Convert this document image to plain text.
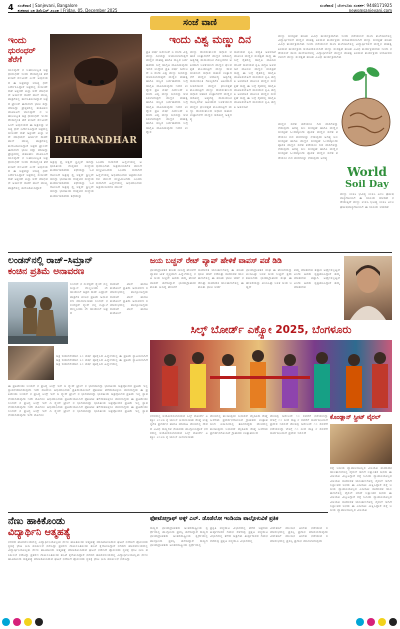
4 ಸಂಜೆವಾಣಿ | Sanjevani, Bangalore
ಶುಕ್ರವಾರ ೦೫ ಡಿಸೆಂಬರ್ ೨೦೨೫ | Friday, 05, December 2025
ಸಂಜೆವಾಣಿ | ಬೆಂಗಳೂರು ಸಂಪರ್ಕ: 9448171925
news@sanjevani.com
ಸಂಜೆ ವಾಣಿ
ಇಂದು
ಧುರಂಧರ್
ತೆರೆಗೆ
ಬಾಲಿವುಡ್ ನ ಬಹುನಿರೀಕ್ಷಿತ ಚಿತ್ರ ಧುರಂಧರ್ ಇಂದು ದೇಶಾದ್ಯಂತ ತೆರೆ ಕಂಡಿದೆ ರಣವೀರ್ ಸಿಂಗ್ ಅಭಿನಯದ ಈ ಚಿತ್ರವನ್ನು ಆದಿತ್ಯ ಧರ್ ನಿರ್ದೇಶಿಸಿದ್ದಾರೆ ಚಿತ್ರದಲ್ಲಿ ಸಂಜಯ್ ದತ್ ಅಕ್ಷಯ್ ಖನ್ನಾ ಆರ್ ಮಾಧವನ್ ಅರ್ಜುನ್ ರಾಮ್ ಪಾಲ್ ಮುಖ್ಯ ಪಾತ್ರಗಳಲ್ಲಿ ಕಾಣಿಸಿಕೊಂಡಿದ್ದಾರೆ ಚಿತ್ರದ ಟ್ರೇಲರ್ ಈಗಾಗಲೇ ಭಾರೀ ಸದ್ದು ಮಾಡಿದ್ದು ಪ್ರೇಕ್ಷಕರಲ್ಲಿ ಕುತೂಹಲ ಮೂಡಿಸಿದೆ ಬಾಲಿವುಡ್ ನ ಬಹುನಿರೀಕ್ಷಿತ ಚಿತ್ರ ಧುರಂಧರ್ ಇಂದು ದೇಶಾದ್ಯಂತ ತೆರೆ ಕಂಡಿದೆ ರಣವೀರ್ ಸಿಂಗ್ ಅಭಿನಯದ ಈ ಚಿತ್ರವನ್ನು ಆದಿತ್ಯ ಧರ್ ನಿರ್ದೇಶಿಸಿದ್ದಾರೆ ಚಿತ್ರದಲ್ಲಿ ಸಂಜಯ್ ದತ್ ಅಕ್ಷಯ್ ಖನ್ನಾ ಆರ್ ಮಾಧವನ್ ಅರ್ಜುನ್ ರಾಮ್ ಪಾಲ್ ಮುಖ್ಯ ಪಾತ್ರಗಳಲ್ಲಿ ಕಾಣಿಸಿಕೊಂಡಿದ್ದಾರೆ ಚಿತ್ರದ ಟ್ರೇಲರ್ ಈಗಾಗಲೇ ಭಾರೀ ಸದ್ದು ಮಾಡಿದ್ದು ಪ್ರೇಕ್ಷಕರಲ್ಲಿ ಕುತೂಹಲ ಮೂಡಿಸಿದೆ ಬಾಲಿವುಡ್ ನ ಬಹುನಿರೀಕ್ಷಿತ ಚಿತ್ರ ಧುರಂಧರ್ ಇಂದು ದೇಶಾದ್ಯಂತ ತೆರೆ ಕಂಡಿದೆ ರಣವೀರ್ ಸಿಂಗ್ ಅಭಿನಯದ ಈ ಚಿತ್ರವನ್ನು ಆದಿತ್ಯ ಧರ್ ನಿರ್ದೇಶಿಸಿದ್ದಾರೆ ಚಿತ್ರದಲ್ಲಿ ಸಂಜಯ್ ದತ್ ಅಕ್ಷಯ್ ಖನ್ನಾ ಆರ್ ಮಾಧವನ್ ಅರ್ಜುನ್ ರಾಮ್ ಪಾಲ್ ಮುಖ್ಯ ಪಾತ್ರಗಳಲ್ಲಿ ಕಾಣಿಸಿಕೊಂಡಿದ್ದಾರೆ
DHURANDHAR
ಚಿತ್ರವು ಸ್ಪೈ ಆಕ್ಷನ್ ಥ್ರಿಲ್ಲರ್ ಆಗಿದ್ದು ಭಾರತೀಯ ಗುಪ್ತಚರ ಸಂಸ್ಥೆಯ ಕಾರ್ಯಾಚರಣೆಯ ಕಥೆಯನ್ನು ಒಳಗೊಂಡಿದೆ ಚಿತ್ರವು ಸ್ಪೈ ಆಕ್ಷನ್ ಥ್ರಿಲ್ಲರ್ ಆಗಿದ್ದು ಭಾರತೀಯ ಗುಪ್ತಚರ ಸಂಸ್ಥೆಯ ಕಾರ್ಯಾಚರಣೆಯ ಕಥೆಯನ್ನು ಒಳಗೊಂಡಿದೆ ಚಿತ್ರವು ಸ್ಪೈ ಆಕ್ಷನ್ ಥ್ರಿಲ್ಲರ್ ಆಗಿದ್ದು ಭಾರತೀಯ ಗುಪ್ತಚರ ಸಂಸ್ಥೆಯ ಕಾರ್ಯಾಚರಣೆಯ ಕಥೆಯನ್ನು
ಸಿನಿಮಾ ಬಿಡುಗಡೆ ಹಿನ್ನೆಲೆಯಲ್ಲಿ ಅಭಿಮಾನಿಗಳು ಚಿತ್ರಮಂದಿರಗಳ ಮುಂದೆ ಸಂಭ್ರಮಿಸಿದರು ಸಿನಿಮಾ ಬಿಡುಗಡೆ ಹಿನ್ನೆಲೆಯಲ್ಲಿ ಅಭಿಮಾನಿಗಳು ಚಿತ್ರಮಂದಿರಗಳ ಮುಂದೆ ಸಂಭ್ರಮಿಸಿದರು ಸಿನಿಮಾ ಬಿಡುಗಡೆ ಹಿನ್ನೆಲೆಯಲ್ಲಿ ಅಭಿಮಾನಿಗಳು ಚಿತ್ರಮಂದಿರಗಳ ಮುಂದೆ
ಇಂದು ವಿಶ್ವ ಮಣ್ಣು ದಿನ
ಪ್ರತಿ ವರ್ಷ ಡಿಸೆಂಬರ್ ೫ ರಂದು ವಿಶ್ವ ಮಣ್ಣು ದಿನವನ್ನು ಆಚರಿಸಲಾಗುತ್ತದೆ ಮಣ್ಣಿನ ಮಹತ್ವ ಹಾಗೂ ಸುಸ್ಥಿರ ನಿರ್ವಹಣೆಯ ಬಗ್ಗೆ ಜಾಗೃತಿ ಮೂಡಿಸುವುದು ಇದರ ಉದ್ದೇಶ ಪ್ರತಿ ವರ್ಷ ಡಿಸೆಂಬರ್ ೫ ರಂದು ವಿಶ್ವ ಮಣ್ಣು ದಿನವನ್ನು ಆಚರಿಸಲಾಗುತ್ತದೆ ಮಣ್ಣಿನ ಮಹತ್ವ ಹಾಗೂ ಸುಸ್ಥಿರ ನಿರ್ವಹಣೆಯ ಬಗ್ಗೆ ಜಾಗೃತಿ ಮೂಡಿಸುವುದು ಇದರ ಉದ್ದೇಶ ಪ್ರತಿ ವರ್ಷ ಡಿಸೆಂಬರ್ ೫ ರಂದು ವಿಶ್ವ ಮಣ್ಣು ದಿನವನ್ನು ಆಚರಿಸಲಾಗುತ್ತದೆ ಮಣ್ಣಿನ ಮಹತ್ವ ಹಾಗೂ ಸುಸ್ಥಿರ ನಿರ್ವಹಣೆಯ ಬಗ್ಗೆ ಜಾಗೃತಿ ಮೂಡಿಸುವುದು ಇದರ ಉದ್ದೇಶ ಪ್ರತಿ ವರ್ಷ ಡಿಸೆಂಬರ್ ೫ ರಂದು ವಿಶ್ವ ಮಣ್ಣು ದಿನವನ್ನು ಆಚರಿಸಲಾಗುತ್ತದೆ ಮಣ್ಣಿನ ಮಹತ್ವ ಹಾಗೂ ಸುಸ್ಥಿರ ನಿರ್ವಹಣೆಯ ಬಗ್ಗೆ ಜಾಗೃತಿ ಮೂಡಿಸುವುದು ಇದರ ಉದ್ದೇಶ
ಮಣ್ಣು ಜೀವಸಂಕುಲದ ಆಧಾರ ಆಹಾರ ಉತ್ಪಾದನೆಗೆ ಮಣ್ಣಿನ ಆರೋಗ್ಯ ಅತ್ಯಗತ್ಯ ರಾಸಾಯನಿಕ ಗೊಬ್ಬರಗಳ ಅತಿಯಾದ ಬಳಕೆಯಿಂದ ಮಣ್ಣಿನ ಫಲವತ್ತತೆ ಕುಸಿಯುತ್ತಿದೆ ಮಣ್ಣು ಜೀವಸಂಕುಲದ ಆಧಾರ ಆಹಾರ ಉತ್ಪಾದನೆಗೆ ಮಣ್ಣಿನ ಆರೋಗ್ಯ ಅತ್ಯಗತ್ಯ ರಾಸಾಯನಿಕ ಗೊಬ್ಬರಗಳ ಅತಿಯಾದ ಬಳಕೆಯಿಂದ ಮಣ್ಣಿನ ಫಲವತ್ತತೆ ಕುಸಿಯುತ್ತಿದೆ ಮಣ್ಣು ಜೀವಸಂಕುಲದ ಆಧಾರ ಆಹಾರ ಉತ್ಪಾದನೆಗೆ ಮಣ್ಣಿನ ಆರೋಗ್ಯ ಅತ್ಯಗತ್ಯ ರಾಸಾಯನಿಕ ಗೊಬ್ಬರಗಳ ಅತಿಯಾದ ಬಳಕೆಯಿಂದ ಮಣ್ಣಿನ ಫಲವತ್ತತೆ ಕುಸಿಯುತ್ತಿದೆ ಮಣ್ಣು ಜೀವಸಂಕುಲದ ಆಧಾರ ಆಹಾರ ಉತ್ಪಾದನೆಗೆ ಮಣ್ಣಿನ ಆರೋಗ್ಯ ಅತ್ಯಗತ್ಯ
ಸಾವಯವ ಕೃಷಿ ಪದ್ಧತಿ ಅಳವಡಿಕೆ ಮೂಲಕ ಮಣ್ಣಿನ ಸಂರಕ್ಷಣೆ ಸಾಧ್ಯ ಈ ಬಗ್ಗೆ ರೈತರಲ್ಲಿ ಜಾಗೃತಿ ಮೂಡಿಸಬೇಕಿದೆ ಸಾವಯವ ಕೃಷಿ ಪದ್ಧತಿ ಅಳವಡಿಕೆ ಮೂಲಕ ಮಣ್ಣಿನ ಸಂರಕ್ಷಣೆ ಸಾಧ್ಯ ಈ ಬಗ್ಗೆ ರೈತರಲ್ಲಿ ಜಾಗೃತಿ ಮೂಡಿಸಬೇಕಿದೆ ಸಾವಯವ ಕೃಷಿ ಪದ್ಧತಿ ಅಳವಡಿಕೆ ಮೂಲಕ ಮಣ್ಣಿನ ಸಂರಕ್ಷಣೆ ಸಾಧ್ಯ ಈ ಬಗ್ಗೆ ರೈತರಲ್ಲಿ ಜಾಗೃತಿ ಮೂಡಿಸಬೇಕಿದೆ ಸಾವಯವ ಕೃಷಿ ಪದ್ಧತಿ ಅಳವಡಿಕೆ ಮೂಲಕ ಮಣ್ಣಿನ ಸಂರಕ್ಷಣೆ ಸಾಧ್ಯ ಈ ಬಗ್ಗೆ ರೈತರಲ್ಲಿ ಜಾಗೃತಿ ಮೂಡಿಸಬೇಕಿದೆ ಸಾವಯವ ಕೃಷಿ ಪದ್ಧತಿ ಅಳವಡಿಕೆ
ಮಣ್ಣು ಸಂರಕ್ಷಣೆ ಕುರಿತು ವಿವಿಧ ಕಾರ್ಯಕ್ರಮಗಳು ಇಂದು ನಡೆಯಲಿವೆ ಶಾಲಾ ಕಾಲೇಜುಗಳಲ್ಲಿ ವಿದ್ಯಾರ್ಥಿಗಳಿಗೆ ಮಣ್ಣಿನ ಮಹತ್ವ ತಿಳಿಸುವ ಕಾರ್ಯಕ್ರಮ ಆಯೋಜಿಸಲಾಗಿದೆ ಮಣ್ಣು ಸಂರಕ್ಷಣೆ ಕುರಿತು ವಿವಿಧ ಕಾರ್ಯಕ್ರಮಗಳು ಇಂದು ನಡೆಯಲಿವೆ ಶಾಲಾ ಕಾಲೇಜುಗಳಲ್ಲಿ ವಿದ್ಯಾರ್ಥಿಗಳಿಗೆ ಮಣ್ಣಿನ ಮಹತ್ವ ತಿಳಿಸುವ ಕಾರ್ಯಕ್ರಮ ಆಯೋಜಿಸಲಾಗಿದೆ ಮಣ್ಣು ಸಂರಕ್ಷಣೆ ಕುರಿತು ವಿವಿಧ ಕಾರ್ಯಕ್ರಮಗಳು ಇಂದು ನಡೆಯಲಿವೆ ಶಾಲಾ ಕಾಲೇಜುಗಳಲ್ಲಿ ವಿದ್ಯಾರ್ಥಿಗಳಿಗೆ ಮಣ್ಣಿನ ಮಹತ್ವ ತಿಳಿಸುವ ಕಾರ್ಯಕ್ರಮ ಆಯೋಜಿಸಲಾಗಿದೆ ಮಣ್ಣು ಸಂರಕ್ಷಣೆ ಕುರಿತು ವಿವಿಧ ಕಾರ್ಯಕ್ರಮಗಳು
ಮಣ್ಣಿನ ಸವೆತ ತಡೆಯಲು ಗಿಡ ಮರಗಳನ್ನು ನೆಡುವುದು ಅಗತ್ಯ ಜಲ ಸಂರಕ್ಷಣೆ ಹಾಗೂ ಮಣ್ಣಿನ ಸಂರಕ್ಷಣೆ ಒಂದಕ್ಕೊಂದು ಪೂರಕ ಮಣ್ಣಿನ ಸವೆತ ತಡೆಯಲು ಗಿಡ ಮರಗಳನ್ನು ನೆಡುವುದು ಅಗತ್ಯ ಜಲ ಸಂರಕ್ಷಣೆ ಹಾಗೂ ಮಣ್ಣಿನ ಸಂರಕ್ಷಣೆ ಒಂದಕ್ಕೊಂದು ಪೂರಕ ಮಣ್ಣಿನ ಸವೆತ ತಡೆಯಲು ಗಿಡ ಮರಗಳನ್ನು ನೆಡುವುದು ಅಗತ್ಯ ಜಲ ಸಂರಕ್ಷಣೆ ಹಾಗೂ ಮಣ್ಣಿನ ಸಂರಕ್ಷಣೆ ಒಂದಕ್ಕೊಂದು ಪೂರಕ ಮಣ್ಣಿನ ಸವೆತ ತಡೆಯಲು ಗಿಡ ಮರಗಳನ್ನು ನೆಡುವುದು ಅಗತ್ಯ
World
Soil Day
ಮಣ್ಣು ಉಳಿಸಿ ಭವಿಷ್ಯ ಉಳಿಸಿ ಎಂಬ ಘೋಷವಾಕ್ಯದೊಂದಿಗೆ ಈ ಬಾರಿಯ ಆಚರಣೆ ನಡೆಯುತ್ತಿದೆ ಮಣ್ಣು ಉಳಿಸಿ ಭವಿಷ್ಯ ಉಳಿಸಿ ಎಂಬ ಘೋಷವಾಕ್ಯದೊಂದಿಗೆ ಈ ಬಾರಿಯ ಆಚರಣೆ
ಲಂಡನ್‌ನಲ್ಲಿ ರಾಜ್–ಸಿಮ್ರಾನ್
ಕಂಚಿನ ಪ್ರತಿಮೆ ಅನಾವರಣ
ಲಂಡನ್ ನ ಲೀಸೆಸ್ಟರ್ ಸ್ಕ್ವೇರ್ ನಲ್ಲಿ ದಿಲ್ವಾಲೆ ದುಲ್ಹನಿಯಾ ಲೇ ಜಾಯೇಂಗೆ ಚಿತ್ರದ ರಾಜ್ ಸಿಮ್ರಾನ್ ಪಾತ್ರಗಳ ಕಂಚಿನ ಪ್ರತಿಮೆ ಅನಾವರಣ ಮಾಡಲಾಯಿತು ಲಂಡನ್ ನ ಲೀಸೆಸ್ಟರ್ ಸ್ಕ್ವೇರ್ ನಲ್ಲಿ ದಿಲ್ವಾಲೆ ದುಲ್ಹನಿಯಾ ಲೇ ಜಾಯೇಂಗೆ ಚಿತ್ರದ
ಶಾರುಖ್ ಖಾನ್ ಹಾಗೂ ಕಾಜೋಲ್ ಪ್ರತಿಮೆ ಅನಾವರಣ ಸಮಾರಂಭದಲ್ಲಿ ಪಾಲ್ಗೊಂಡಿದ್ದರು ಶಾರುಖ್ ಖಾನ್ ಹಾಗೂ ಕಾಜೋಲ್ ಪ್ರತಿಮೆ ಅನಾವರಣ ಸಮಾರಂಭದಲ್ಲಿ ಪಾಲ್ಗೊಂಡಿದ್ದರು ಶಾರುಖ್ ಖಾನ್ ಹಾಗೂ ಕಾಜೋಲ್
ಚಿತ್ರ ಬಿಡುಗಡೆಯಾಗಿ ೩೦ ವರ್ಷ ಪೂರೈಸಿದ ಹಿನ್ನೆಲೆಯಲ್ಲಿ ಈ ಪ್ರತಿಮೆ ಸ್ಥಾಪಿಸಲಾಗಿದೆ ಚಿತ್ರ ಬಿಡುಗಡೆಯಾಗಿ ೩೦ ವರ್ಷ ಪೂರೈಸಿದ ಹಿನ್ನೆಲೆಯಲ್ಲಿ ಈ ಪ್ರತಿಮೆ ಸ್ಥಾಪಿಸಲಾಗಿದೆ ಚಿತ್ರ ಬಿಡುಗಡೆಯಾಗಿ ೩೦ ವರ್ಷ ಪೂರೈಸಿದ ಹಿನ್ನೆಲೆಯಲ್ಲಿ
ಈ ಪ್ರತಿಮೆಯು ಲಂಡನ್ ನ ಪ್ರಸಿದ್ಧ ಸೀನ್ಸ್ ಇನ್ ದಿ ಸ್ಕ್ವೇರ್ ಟ್ರೇಲ್ ನ ಭಾಗವಾಗಿದ್ದು ಭಾರತೀಯ ಚಿತ್ರವೊಂದರ ಪ್ರತಿಮೆ ಇಲ್ಲಿ ಸ್ಥಾಪನೆಯಾಗಿರುವುದು ಇದೇ ಮೊದಲು ಅಭಿಮಾನಿಗಳು ಪ್ರತಿಮೆಯೊಂದಿಗೆ ಫೋಟೋ ತೆಗೆದುಕೊಳ್ಳಲು ಮುಗಿಬಿದ್ದರು ಈ ಪ್ರತಿಮೆಯು ಲಂಡನ್ ನ ಪ್ರಸಿದ್ಧ ಸೀನ್ಸ್ ಇನ್ ದಿ ಸ್ಕ್ವೇರ್ ಟ್ರೇಲ್ ನ ಭಾಗವಾಗಿದ್ದು ಭಾರತೀಯ ಚಿತ್ರವೊಂದರ ಪ್ರತಿಮೆ ಇಲ್ಲಿ ಸ್ಥಾಪನೆಯಾಗಿರುವುದು ಇದೇ ಮೊದಲು ಅಭಿಮಾನಿಗಳು ಪ್ರತಿಮೆಯೊಂದಿಗೆ ಫೋಟೋ ತೆಗೆದುಕೊಳ್ಳಲು ಮುಗಿಬಿದ್ದರು ಈ ಪ್ರತಿಮೆಯು ಲಂಡನ್ ನ ಪ್ರಸಿದ್ಧ ಸೀನ್ಸ್ ಇನ್ ದಿ ಸ್ಕ್ವೇರ್ ಟ್ರೇಲ್ ನ ಭಾಗವಾಗಿದ್ದು ಭಾರತೀಯ ಚಿತ್ರವೊಂದರ ಪ್ರತಿಮೆ ಇಲ್ಲಿ ಸ್ಥಾಪನೆಯಾಗಿರುವುದು ಇದೇ ಮೊದಲು ಅಭಿಮಾನಿಗಳು ಪ್ರತಿಮೆಯೊಂದಿಗೆ ಫೋಟೋ ತೆಗೆದುಕೊಳ್ಳಲು ಮುಗಿಬಿದ್ದರು ಈ ಪ್ರತಿಮೆಯು ಲಂಡನ್ ನ ಪ್ರಸಿದ್ಧ ಸೀನ್ಸ್ ಇನ್ ದಿ ಸ್ಕ್ವೇರ್ ಟ್ರೇಲ್ ನ ಭಾಗವಾಗಿದ್ದು ಭಾರತೀಯ ಚಿತ್ರವೊಂದರ ಪ್ರತಿಮೆ ಇಲ್ಲಿ ಸ್ಥಾಪನೆಯಾಗಿರುವುದು ಇದೇ ಮೊದಲು
ಜಯ ಬಚ್ಚನ್ ರೇಟ್ ಪ್ಯಾಪ್ ಹೇಳಿಕೆ ವಾಪಸ್ ಪಡೆ ಡಿಡಿ
ಛಾಯಾಗ್ರಾಹಕರ ಕುರಿತು ನೀಡಿದ್ದ ಹೇಳಿಕೆಗೆ ವ್ಯಾಪಕ ಟೀಕೆ ವ್ಯಕ್ತವಾದ ಹಿನ್ನೆಲೆಯಲ್ಲಿ ನಟಿ ಜಯ ಬಚ್ಚನ್ ಅವರು ತಮ್ಮ ಹೇಳಿಕೆ ವಾಪಸ್ ಪಡೆದಿದ್ದಾರೆ ಛಾಯಾಗ್ರಾಹಕರ ಕುರಿತು ನೀಡಿದ್ದ ಹೇಳಿಕೆಗೆ
ಸಾಮಾಜಿಕ ಜಾಲತಾಣಗಳಲ್ಲಿ ಈ ಕುರಿತು ಭಾರೀ ಚರ್ಚೆ ನಡೆದಿತ್ತು ಸಾಮಾಜಿಕ ಜಾಲತಾಣಗಳಲ್ಲಿ ಈ ಕುರಿತು ಭಾರೀ ಚರ್ಚೆ ನಡೆದಿತ್ತು ಸಾಮಾಜಿಕ ಜಾಲತಾಣಗಳಲ್ಲಿ ಈ ಕುರಿತು ಭಾರೀ ಚರ್ಚೆ
ಛಾಯಾಗ್ರಾಹಕರ ಸಂಘ ಈ ಹೇಳಿಕೆಯನ್ನು ಖಂಡಿಸಿತ್ತು ಬಳಿಕ ಜಯ ಬಚ್ಚನ್ ಕ್ಷಮೆ ಕೋರಿದರು ಛಾಯಾಗ್ರಾಹಕರ ಸಂಘ ಈ ಹೇಳಿಕೆಯನ್ನು ಖಂಡಿಸಿತ್ತು ಬಳಿಕ ಜಯ ಬಚ್ಚನ್
ತಮ್ಮ ಮಾತುಗಳು ತಪ್ಪಾಗಿ ಅರ್ಥೈಸಲ್ಪಟ್ಟಿವೆ ಎಂದು ಅವರು ಸ್ಪಷ್ಟಪಡಿಸಿದ್ದಾರೆ ತಮ್ಮ ಮಾತುಗಳು ತಪ್ಪಾಗಿ ಅರ್ಥೈಸಲ್ಪಟ್ಟಿವೆ ಎಂದು ಅವರು ಸ್ಪಷ್ಟಪಡಿಸಿದ್ದಾರೆ ತಮ್ಮ ಮಾತುಗಳು
ಸಿಲ್ಕ್ ಬೋರ್ಡ್ ಎಕ್ಸ್ಪೋ 2025, ಬೆಂಗಳೂರು
ನಗರದಲ್ಲಿ ಆಯೋಜಿಸಲಾಗಿರುವ ಸಿಲ್ಕ್ ಬೋರ್ಡ್ ಎಕ್ಸ್ಪೋ ೨೦೨೫ ಕ್ಕೆ ಚಾಲನೆ ನೀಡಲಾಯಿತು ರೇಷ್ಮೆ ಉತ್ಪನ್ನಗಳ ಪ್ರದರ್ಶನ ಹಾಗೂ ಮಾರಾಟ ಮೇಳದಲ್ಲಿ ದೇಶದ ವಿವಿಧ ರಾಜ್ಯಗಳ ನೇಕಾರರು ಪಾಲ್ಗೊಂಡಿದ್ದಾರೆ ನಗರದಲ್ಲಿ ಆಯೋಜಿಸಲಾಗಿರುವ ಸಿಲ್ಕ್ ಬೋರ್ಡ್ ಎಕ್ಸ್ಪೋ ೨೦೨೫ ಕ್ಕೆ ಚಾಲನೆ ನೀಡಲಾಯಿತು
ಮೇಳದಲ್ಲಿ ಕಾಂಚೀಪುರಂ ಬನಾರಸ್ ಮೈಸೂರು ರೇಷ್ಮೆ ಸೀರೆಗಳು ಪ್ರದರ್ಶನಗೊಂಡಿವೆ ಗ್ರಾಹಕರು ಉತ್ಸಾಹದಿಂದ ಖರೀದಿಯಲ್ಲಿ ತೊಡಗಿದ್ದರು ಮೇಳದಲ್ಲಿ ಕಾಂಚೀಪುರಂ ಬನಾರಸ್ ಮೈಸೂರು ರೇಷ್ಮೆ ಸೀರೆಗಳು ಪ್ರದರ್ಶನಗೊಂಡಿವೆ ಗ್ರಾಹಕರು ಉತ್ಸಾಹದಿಂದ
ಮೇಳವು ಡಿಸೆಂಬರ್ ೧೦ ರವರೆಗೆ ನಡೆಯಲಿದ್ದು ಬೆಳಿಗ್ಗೆ ೧೦ ರಿಂದ ರಾತ್ರಿ ೯ ರವರೆಗೆ ಸಾರ್ವಜನಿಕರಿಗೆ ಪ್ರವೇಶ ಇರಲಿದೆ ಮೇಳವು ಡಿಸೆಂಬರ್ ೧೦ ರವರೆಗೆ ನಡೆಯಲಿದ್ದು ಬೆಳಿಗ್ಗೆ ೧೦ ರಿಂದ ರಾತ್ರಿ ೯ ರವರೆಗೆ ಸಾರ್ವಜನಿಕರಿಗೆ ಪ್ರವೇಶ ಇರಲಿದೆ
ಕೊಂಡ್ಲಾನ್ ಸ್ಟ್ರೀಟ್ ವೈರಲ್
ರಸ್ತೆ ಬದಿಯ ವ್ಯಾಪಾರಿಯೊಬ್ಬರ ವಿಡಿಯೋ ಸಾಮಾಜಿಕ ಜಾಲತಾಣಗಳಲ್ಲಿ ವೈರಲ್ ಆಗಿದೆ ಲಕ್ಷಾಂತರ ಜನರು ಈ ವಿಡಿಯೋ ವೀಕ್ಷಿಸಿದ್ದಾರೆ ರಸ್ತೆ ಬದಿಯ ವ್ಯಾಪಾರಿಯೊಬ್ಬರ ವಿಡಿಯೋ ಸಾಮಾಜಿಕ ಜಾಲತಾಣಗಳಲ್ಲಿ ವೈರಲ್ ಆಗಿದೆ ಲಕ್ಷಾಂತರ ಜನರು ಈ ವಿಡಿಯೋ ವೀಕ್ಷಿಸಿದ್ದಾರೆ ರಸ್ತೆ ಬದಿಯ ವ್ಯಾಪಾರಿಯೊಬ್ಬರ ವಿಡಿಯೋ ಸಾಮಾಜಿಕ ಜಾಲತಾಣಗಳಲ್ಲಿ ವೈರಲ್ ಆಗಿದೆ ಲಕ್ಷಾಂತರ ಜನರು ಈ ವಿಡಿಯೋ ವೀಕ್ಷಿಸಿದ್ದಾರೆ ರಸ್ತೆ ಬದಿಯ ವ್ಯಾಪಾರಿಯೊಬ್ಬರ ವಿಡಿಯೋ ಸಾಮಾಜಿಕ ಜಾಲತಾಣಗಳಲ್ಲಿ ವೈರಲ್ ಆಗಿದೆ ಲಕ್ಷಾಂತರ ಜನರು ಈ ವಿಡಿಯೋ ವೀಕ್ಷಿಸಿದ್ದಾರೆ ರಸ್ತೆ ಬದಿಯ ವ್ಯಾಪಾರಿಯೊಬ್ಬರ ವಿಡಿಯೋ
ನೆಣು ಹಾಕಿಕೊಂಡು
ವಿದ್ಯಾರ್ಥಿನಿ ಆತ್ಮಹತ್ಯೆ
ನಗರದ ಹೊರವಲಯದಲ್ಲಿ ವಿದ್ಯಾರ್ಥಿನಿಯೊಬ್ಬಳು ನೇಣು ಹಾಕಿಕೊಂಡು ಆತ್ಮಹತ್ಯೆ ಮಾಡಿಕೊಂಡಿರುವ ಘಟನೆ ನಡೆದಿದೆ ಪೊಲೀಸರು ಸ್ಥಳಕ್ಕೆ ಭೇಟಿ ನೀಡಿ ಪರಿಶೀಲನೆ ನಡೆಸಿದ್ದು ಪ್ರಕರಣ ದಾಖಲಿಸಿಕೊಂಡು ತನಿಖೆ ಕೈಗೊಂಡಿದ್ದಾರೆ ನಗರದ ಹೊರವಲಯದಲ್ಲಿ ವಿದ್ಯಾರ್ಥಿನಿಯೊಬ್ಬಳು ನೇಣು ಹಾಕಿಕೊಂಡು ಆತ್ಮಹತ್ಯೆ ಮಾಡಿಕೊಂಡಿರುವ ಘಟನೆ ನಡೆದಿದೆ ಪೊಲೀಸರು ಸ್ಥಳಕ್ಕೆ ಭೇಟಿ ನೀಡಿ ಪರಿಶೀಲನೆ ನಡೆಸಿದ್ದು ಪ್ರಕರಣ ದಾಖಲಿಸಿಕೊಂಡು ತನಿಖೆ ಕೈಗೊಂಡಿದ್ದಾರೆ ನಗರದ ಹೊರವಲಯದಲ್ಲಿ ವಿದ್ಯಾರ್ಥಿನಿಯೊಬ್ಬಳು ನೇಣು ಹಾಕಿಕೊಂಡು ಆತ್ಮಹತ್ಯೆ ಮಾಡಿಕೊಂಡಿರುವ ಘಟನೆ ನಡೆದಿದೆ ಪೊಲೀಸರು ಸ್ಥಳಕ್ಕೆ ಭೇಟಿ ನೀಡಿ ಪರಿಶೀಲನೆ ನಡೆಸಿದ್ದು
ಫೋಟೋಗ್ರಾಫ್ ಅಕ್ಕ್ ಎಲ್. ಡೊಡೆಲೋ ಇಂಡಿಯಾ ಪಾಲ್ಗೊಳುವಿಕೆ ಪ್ರತಿಕ
ರಾಜ್ಯದ ಛಾಯಾಗ್ರಾಹಕರು ಅಂತರರಾಷ್ಟ್ರೀಯ ಸ್ಪರ್ಧೆಯಲ್ಲಿ ಪಾಲ್ಗೊಂಡು ಪ್ರಶಸ್ತಿ ಪಡೆದಿದ್ದಾರೆ ರಾಜ್ಯದ ಛಾಯಾಗ್ರಾಹಕರು ಅಂತರರಾಷ್ಟ್ರೀಯ ಸ್ಪರ್ಧೆಯಲ್ಲಿ ಪಾಲ್ಗೊಂಡು ಪ್ರಶಸ್ತಿ ಪಡೆದಿದ್ದಾರೆ ರಾಜ್ಯದ ಛಾಯಾಗ್ರಾಹಕರು ಅಂತರರಾಷ್ಟ್ರೀಯ ಸ್ಪರ್ಧೆಯಲ್ಲಿ
ಪ್ರಕೃತಿ ವನ್ಯಜೀವಿ ವಿಭಾಗದಲ್ಲಿ ತೆಗೆದ ಚಿತ್ರಗಳು ತೀರ್ಪುಗಾರರ ಗಮನ ಸೆಳೆದವು ಪ್ರಕೃತಿ ವನ್ಯಜೀವಿ ವಿಭಾಗದಲ್ಲಿ ತೆಗೆದ ಚಿತ್ರಗಳು ತೀರ್ಪುಗಾರರ ಗಮನ ಸೆಳೆದವು ಪ್ರಕೃತಿ ವನ್ಯಜೀವಿ ವಿಭಾಗದಲ್ಲಿ
ವಿಜೇತರಿಗೆ ಮುಂದಿನ ತಿಂಗಳು ನಡೆಯುವ ಸಮಾರಂಭದಲ್ಲಿ ಪ್ರಶಸ್ತಿ ಪ್ರದಾನ ಮಾಡಲಾಗುವುದು ವಿಜೇತರಿಗೆ ಮುಂದಿನ ತಿಂಗಳು ನಡೆಯುವ ಸಮಾರಂಭದಲ್ಲಿ ಪ್ರಶಸ್ತಿ ಪ್ರದಾನ ಮಾಡಲಾಗುವುದು
